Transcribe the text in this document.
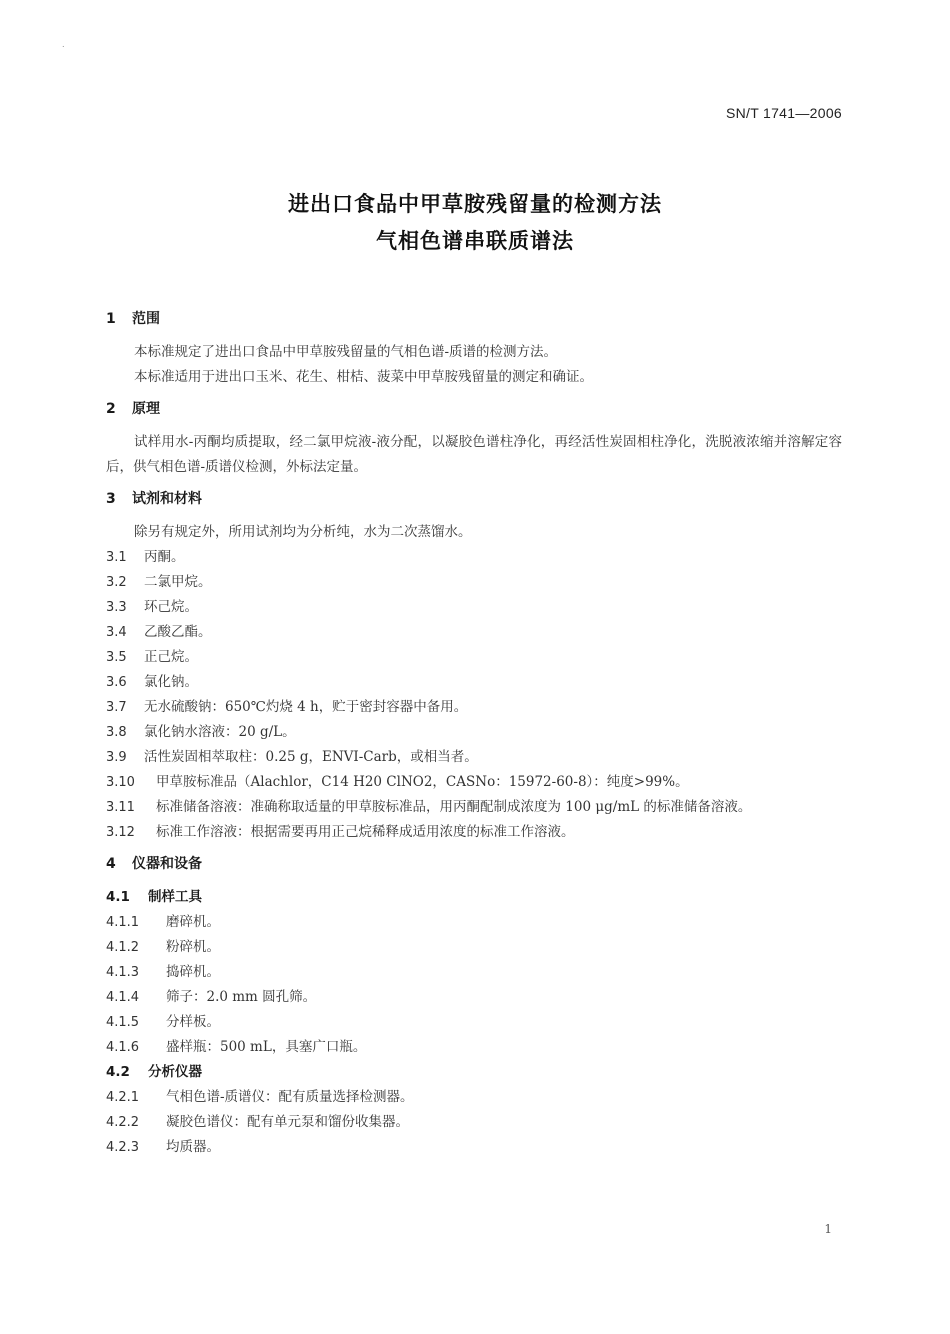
.
SN/T 1741—2006
进出口食品中甲草胺残留量的检测方法
气相色谱串联质谱法
1	范围
本标准规定了进出口食品中甲草胺残留量的气相色谱-质谱的检测方法。
本标准适用于进出口玉米、花生、柑桔、菠菜中甲草胺残留量的测定和确证。
2	原理
试样用水-丙酮均质提取，经二氯甲烷液-液分配，以凝胶色谱柱净化，再经活性炭固相柱净化，洗脱液浓缩并溶解定容后，供气相色谱-质谱仪检测，外标法定量。
3	试剂和材料
除另有规定外，所用试剂均为分析纯，水为二次蒸馏水。
3.1	丙酮。
3.2	二氯甲烷。
3.3	环己烷。
3.4	乙酸乙酯。
3.5	正己烷。
3.6	氯化钠。
3.7	无水硫酸钠：650℃灼烧 4 h，贮于密封容器中备用。
3.8	氯化钠水溶液：20 g/L。
3.9	活性炭固相萃取柱：0.25 g，ENVI-Carb，或相当者。
3.10	甲草胺标准品（Alachlor，C14 H20 ClNO2，CASNo：15972-60-8）：纯度>99%。
3.11 标准储备溶液：准确称取适量的甲草胺标准品，用丙酮配制成浓度为 100 μg/mL 的标准储备溶液。
3.12	标准工作溶液：根据需要再用正己烷稀释成适用浓度的标准工作溶液。
4	仪器和设备
4.1	制样工具
4.1.1	磨碎机。
4.1.2	粉碎机。
4.1.3	捣碎机。
4.1.4	筛子：2.0 mm 圆孔筛。
4.1.5	分样板。
4.1.6	盛样瓶：500 mL，具塞广口瓶。
4.2	分析仪器
4.2.1	气相色谱-质谱仪：配有质量选择检测器。
4.2.2	凝胶色谱仪：配有单元泵和馏份收集器。
4.2.3	均质器。
1
